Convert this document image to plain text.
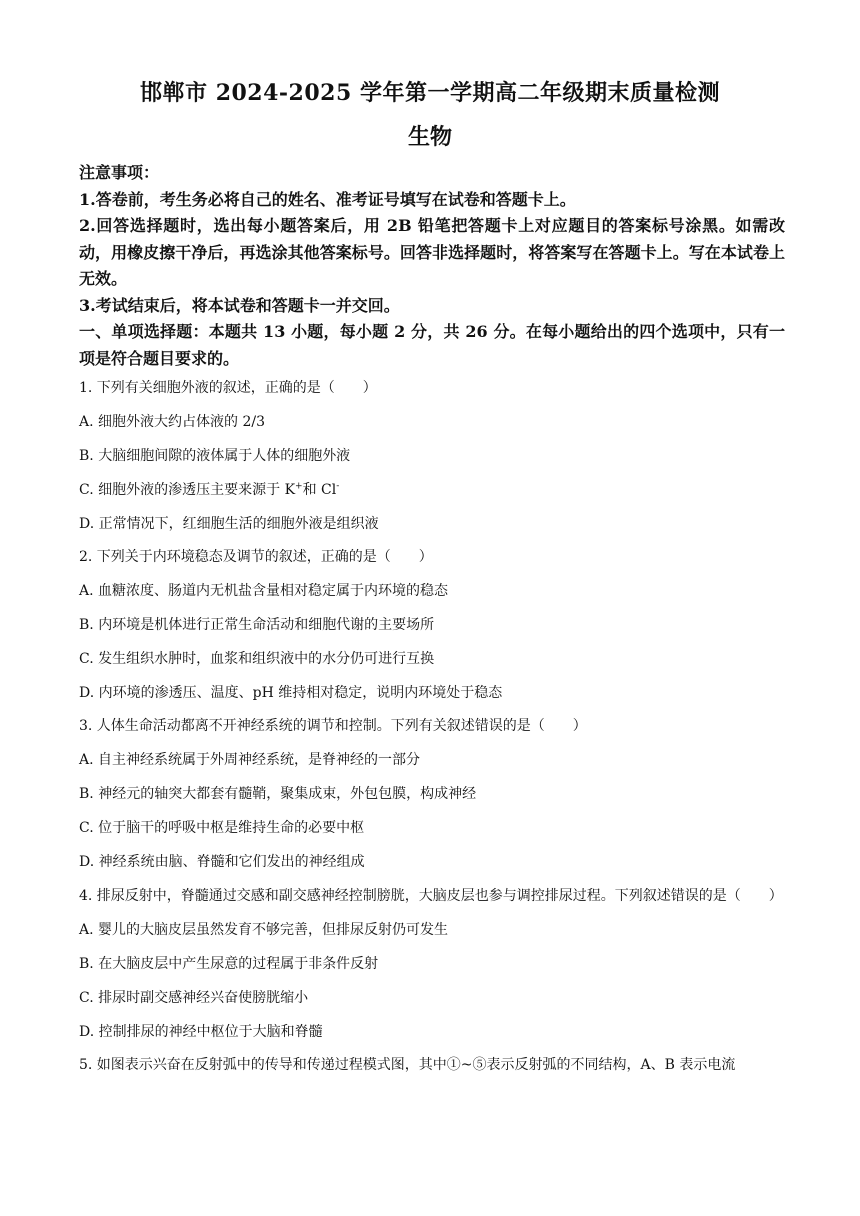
邯郸市 2024-2025 学年第一学期高二年级期末质量检测
生物
注意事项：
1.答卷前，考生务必将自己的姓名、准考证号填写在试卷和答题卡上。
2.回答选择题时，选出每小题答案后，用 2B 铅笔把答题卡上对应题目的答案标号涂黑。如需改动，用橡皮擦干净后，再选涂其他答案标号。回答非选择题时，将答案写在答题卡上。写在本试卷上无效。
3.考试结束后，将本试卷和答题卡一并交回。
一、单项选择题：本题共 13 小题，每小题 2 分，共 26 分。在每小题给出的四个选项中，只有一项是符合题目要求的。
1. 下列有关细胞外液的叙述，正确的是（　　）
A. 细胞外液大约占体液的 2/3
B. 大脑细胞间隙的液体属于人体的细胞外液
C. 细胞外液的渗透压主要来源于 K+和 Cl-
D. 正常情况下，红细胞生活的细胞外液是组织液
2. 下列关于内环境稳态及调节的叙述，正确的是（　　）
A. 血糖浓度、肠道内无机盐含量相对稳定属于内环境的稳态
B. 内环境是机体进行正常生命活动和细胞代谢的主要场所
C. 发生组织水肿时，血浆和组织液中的水分仍可进行互换
D. 内环境的渗透压、温度、pH 维持相对稳定，说明内环境处于稳态
3. 人体生命活动都离不开神经系统的调节和控制。下列有关叙述错误的是（　　）
A. 自主神经系统属于外周神经系统，是脊神经的一部分
B. 神经元的轴突大都套有髓鞘，聚集成束，外包包膜，构成神经
C. 位于脑干的呼吸中枢是维持生命的必要中枢
D. 神经系统由脑、脊髓和它们发出的神经组成
4. 排尿反射中，脊髓通过交感和副交感神经控制膀胱，大脑皮层也参与调控排尿过程。下列叙述错误的是（　　）
A. 婴儿的大脑皮层虽然发育不够完善，但排尿反射仍可发生
B. 在大脑皮层中产生尿意的过程属于非条件反射
C. 排尿时副交感神经兴奋使膀胱缩小
D. 控制排尿的神经中枢位于大脑和脊髓
5. 如图表示兴奋在反射弧中的传导和传递过程模式图，其中①~⑤表示反射弧的不同结构，A、B 表示电流
